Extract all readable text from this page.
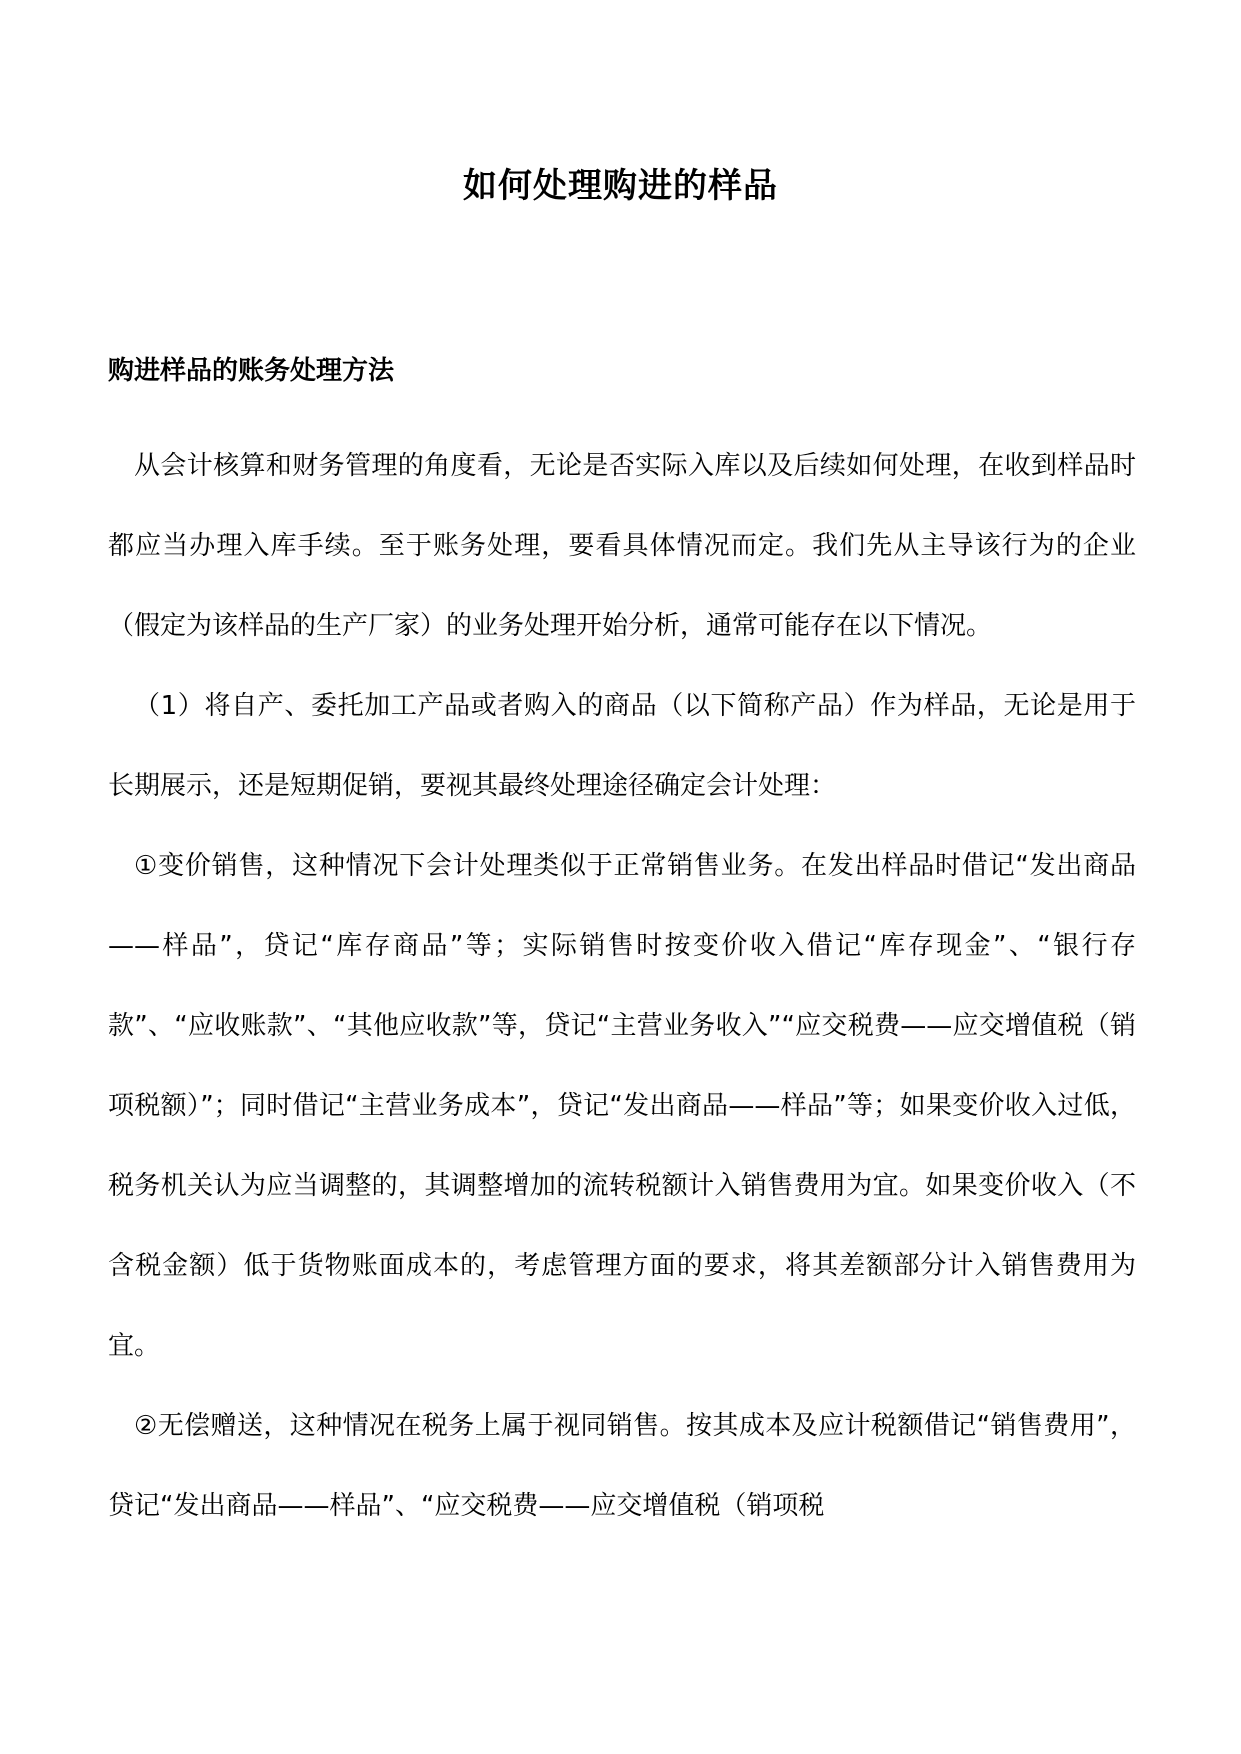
如何处理购进的样品
购进样品的账务处理方法

从会计核算和财务管理的角度看，无论是否实际入库以及后续如何处理，在收到样品时都应当办理入库手续。至于账务处理，要看具体情况而定。我们先从主导该行为的企业（假定为该样品的生产厂家）的业务处理开始分析，通常可能存在以下情况。

（1）将自产、委托加工产品或者购入的商品（以下简称产品）作为样品，无论是用于长期展示，还是短期促销，要视其最终处理途径确定会计处理：

①变价销售，这种情况下会计处理类似于正常销售业务。在发出样品时借记“发出商品——样品”，贷记“库存商品”等；实际销售时按变价收入借记“库存现金”、“银行存款”、“应收账款”、“其他应收款”等，贷记“主营业务收入”“应交税费——应交增值税（销项税额）”；同时借记“主营业务成本”，贷记“发出商品——样品”等；如果变价收入过低，税务机关认为应当调整的，其调整增加的流转税额计入销售费用为宜。如果变价收入（不含税金额）低于货物账面成本的，考虑管理方面的要求，将其差额部分计入销售费用为宜。

②无偿赠送，这种情况在税务上属于视同销售。按其成本及应计税额借记“销售费用”，贷记“发出商品——样品”、“应交税费——应交增值税（销项税
